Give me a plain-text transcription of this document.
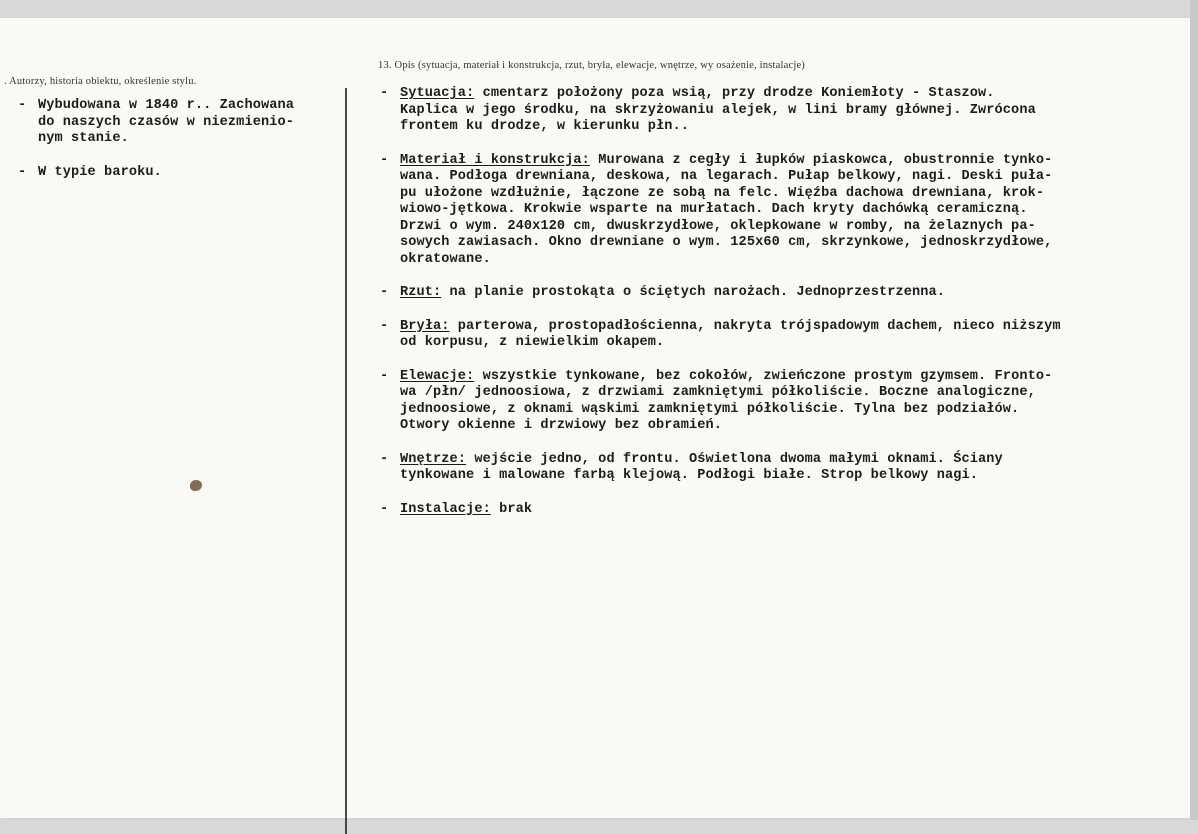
. Autorzy, historia obiektu, określenie stylu.
13. Opis (sytuacja, materiał i konstrukcja, rzut, bryła, elewacje, wnętrze, wy osażenie, instalacje)
- Wybudowana w 1840 r.. Zachowana
do naszych czasów w niezmienio-
nym stanie.
- W typie baroku.
- Sytuacja: cmentarz położony poza wsią, przy drodze Koniemłoty - Staszow.
Kaplica w jego środku, na skrzyżowaniu alejek, w lini bramy głównej. Zwrócona
frontem ku drodze, w kierunku płn..
- Materiał i konstrukcja: Murowana z cegły i łupków piaskowca, obustronnie tynko-
wana. Podłoga drewniana, deskowa, na legarach. Pułap belkowy, nagi. Deski puła-
pu ułożone wzdłużnie, łączone ze sobą na felc. Więźba dachowa drewniana, krok-
wiowo-jętkowa. Krokwie wsparte na murłatach. Dach kryty dachówką ceramiczną.
Drzwi o wym. 240x120 cm, dwuskrzydłowe, oklepkowane w romby, na żelaznych pa-
sowych zawiasach. Okno drewniane o wym. 125x60 cm, skrzynkowe, jednoskrzydłowe,
okratowane.
- Rzut: na planie prostokąta o ściętych narożach. Jednoprzestrzenna.
- Bryła: parterowa, prostopadłościenna, nakryta trójspadowym dachem, nieco niższym
od korpusu, z niewielkim okapem.
- Elewacje: wszystkie tynkowane, bez cokołów, zwieńczone prostym gzymsem. Fronto-
wa /płn/ jednoosiowa, z drzwiami zamkniętymi półkoliście. Boczne analogiczne,
jednoosiowe, z oknami wąskimi zamkniętymi półkoliście. Tylna bez podziałów.
Otwory okienne i drzwiowy bez obramień.
- Wnętrze: wejście jedno, od frontu. Oświetlona dwoma małymi oknami. Ściany
tynkowane i malowane farbą klejową. Podłogi białe. Strop belkowy nagi.
- Instalacje: brak
